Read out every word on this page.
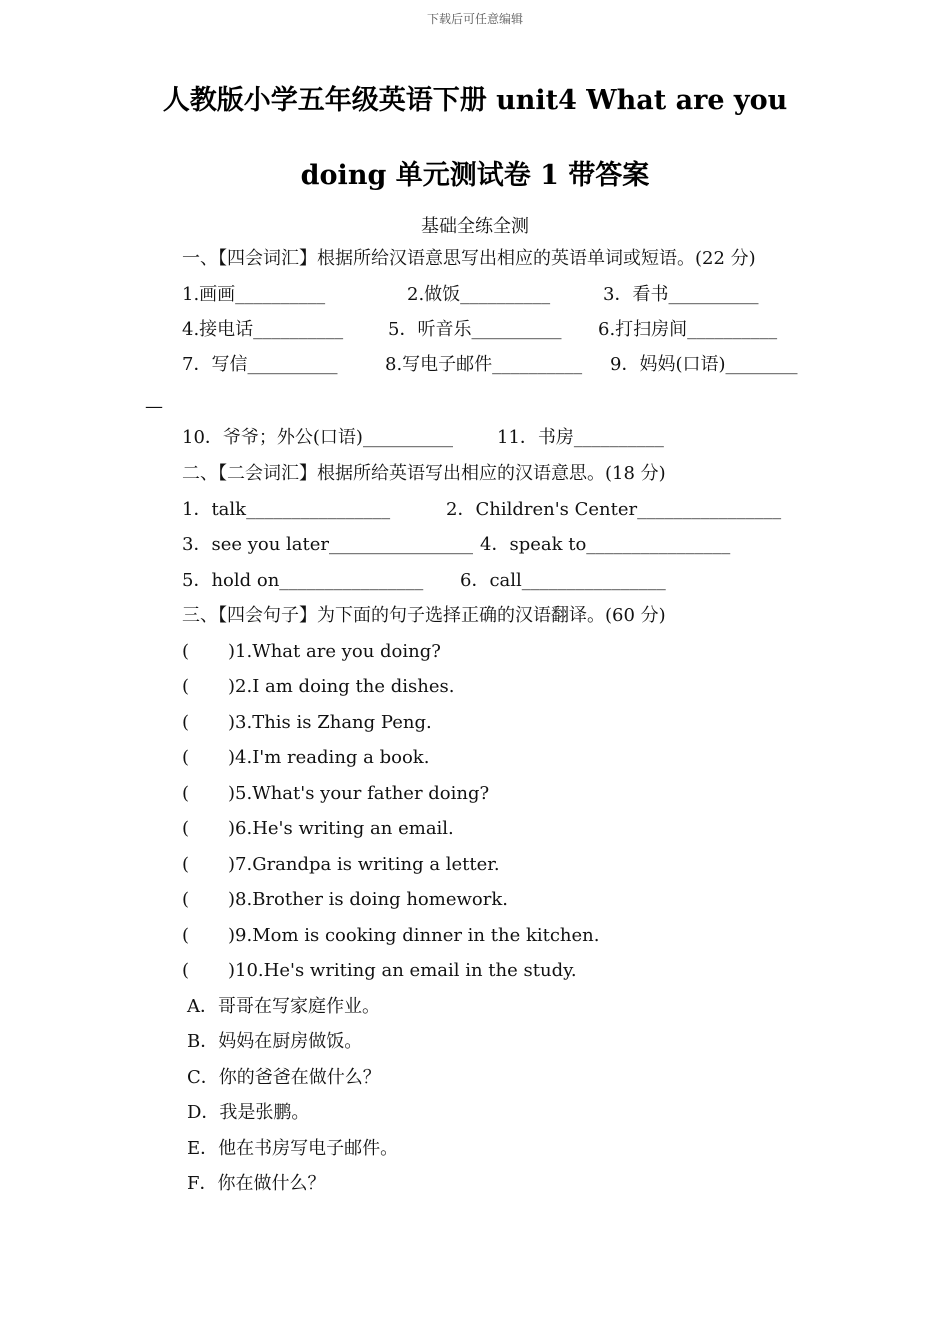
下载后可任意编辑
人教版小学五年级英语下册 unit4 What are you
doing 单元测试卷 1 带答案
基础全练全测
一、【四会词汇】根据所给汉语意思写出相应的英语单词或短语。(22 分)
1.画画__________	2.做饭__________	3．看书__________
4.接电话__________ 5．听音乐__________ 6.打扫房间__________
7．写信__________	8.写电子邮件__________ 9．妈妈(口语)________
—
10．爷爷；外公(口语)__________ 11．书房__________
二、【二会词汇】根据所给英语写出相应的汉语意思。(18 分)
1．talk________________	2．Children's Center________________
3．see you later________________ 4．speak to________________
5．hold on________________ 6．call________________
三、【四会句子】为下面的句子选择正确的汉语翻译。(60 分)
( )1.What are you doing?
( )2.I am doing the dishes.
( )3.This is Zhang Peng.
( )4.I'm reading a book.
( )5.What's your father doing?
( )6.He's writing an email.
( )7.Grandpa is writing a letter.
( )8.Brother is doing homework.
( )9.Mom is cooking dinner in the kitchen.
( )10.He's writing an email in the study.
A．哥哥在写家庭作业。
B．妈妈在厨房做饭。
C．你的爸爸在做什么？
D．我是张鹏。
E．他在书房写电子邮件。
F．你在做什么？
